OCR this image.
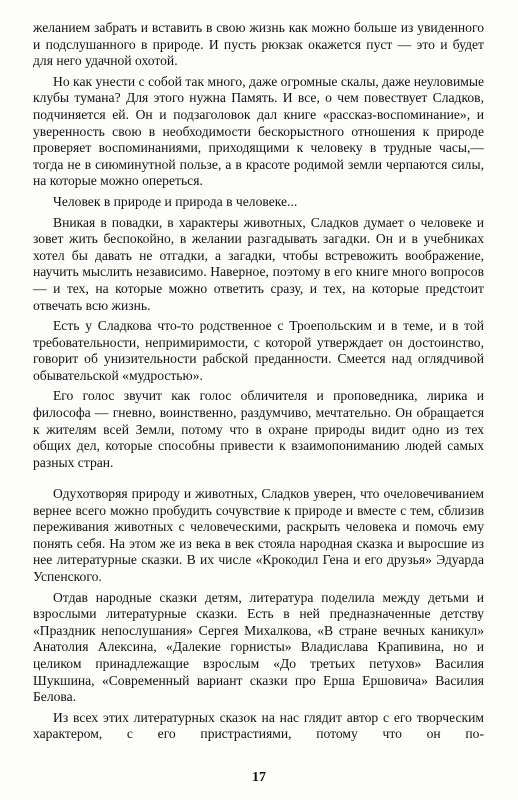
желанием забрать и вставить в свою жизнь как можно больше из увиденного и подслушанного в природе. И пусть рюкзак окажется пуст — это и будет для него удачной охотой.

Но как унести с собой так много, даже огромные скалы, даже неуловимые клубы тумана? Для этого нужна Память. И все, о чем повествует Сладков, подчиняется ей. Он и подзаголовок дал книге «рассказ-воспоминание», и уверенность свою в необходимости бескорыстного отношения к природе проверяет воспоминаниями, приходящими к человеку в трудные часы,— тогда не в сиюминутной пользе, а в красоте родимой земли черпаются силы, на которые можно опереться.

Человек в природе и природа в человеке...

Вникая в повадки, в характеры животных, Сладков думает о человеке и зовет жить беспокойно, в желании разгадывать загадки. Он и в учебниках хотел бы давать не отгадки, а загадки, чтобы встревожить воображение, научить мыслить независимо. Наверное, поэтому в его книге много вопросов — и тех, на которые можно ответить сразу, и тех, на которые предстоит отвечать всю жизнь.

Есть у Сладкова что-то родственное с Троепольским и в теме, и в той требовательности, непримиримости, с которой утверждает он достоинство, говорит об унизительности рабской преданности. Смеется над оглядчивой обывательской «мудростью».

Его голос звучит как голос обличителя и проповедника, лирика и философа — гневно, воинственно, раздумчиво, мечтательно. Он обращается к жителям всей Земли, потому что в охране природы видит одно из тех общих дел, которые способны привести к взаимопониманию людей самых разных стран.

Одухотворяя природу и животных, Сладков уверен, что очеловечиванием вернее всего можно пробудить сочувствие к природе и вместе с тем, сблизив переживания животных с человеческими, раскрыть человека и помочь ему понять себя. На этом же из века в век стояла народная сказка и выросшие из нее литературные сказки. В их числе «Крокодил Гена и его друзья» Эдуарда Успенского.

Отдав народные сказки детям, литература поделила между детьми и взрослыми литературные сказки. Есть в ней предназначенные детству «Праздник непослушания» Сергея Михалкова, «В стране вечных каникул» Анатолия Алексина, «Далекие горнисты» Владислава Крапивина, но и целиком принадлежащие взрослым «До третьих петухов» Василия Шукшина, «Современный вариант сказки про Ерша Ершовича» Василия Белова.

Из всех этих литературных сказок на нас глядит автор с его творческим характером, с его пристрастиями, потому что он по-

17
